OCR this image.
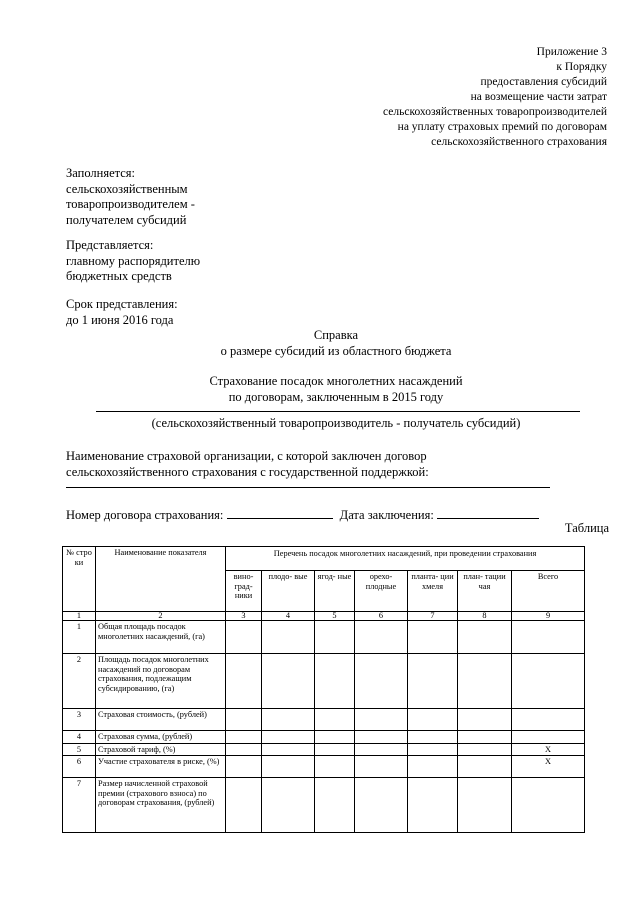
Приложение 3
к Порядку
предоставления субсидий
на возмещение части затрат
сельскохозяйственных товаропроизводителей
на уплату страховых премий по договорам
сельскохозяйственного страхования
Заполняется:
сельскохозяйственным
товаропроизводителем -
получателем субсидий
Представляется:
главному распорядителю
бюджетных средств
Срок представления:
до 1 июня 2016 года
Справка
о размере субсидий из областного бюджета
Страхование посадок многолетних насаждений
по договорам, заключенным в 2015 году
(сельскохозяйственный товаропроизводитель - получатель субсидий)
Наименование страховой организации, с которой заключен договор
сельскохозяйственного страхования с государственной поддержкой:
Номер договора страхования:	Дата заключения:
Таблица
№ стро ки	Наименование показателя	Перечень посадок многолетних насаждений, при проведении страхования						
		вино- град- ники	плодо- вые	ягод- ные	орехо- плодные	планта- ции хмеля	план- тации чая	Всего
1	2	3	4	5	6	7	8	9
1	Общая площадь посадок многолетних насаждений, (га)							
2	Площадь посадок многолетних насаждений по договорам страхования, подлежащим субсидированию, (га)							
3	Страховая стоимость, (рублей)							
4	Страховая сумма, (рублей)							
5	Страховой тариф, (%)							Х
6	Участие страхователя в риске, (%)							Х
7	Размер начисленной страховой премии (страхового взноса) по договорам страхования, (рублей)							
